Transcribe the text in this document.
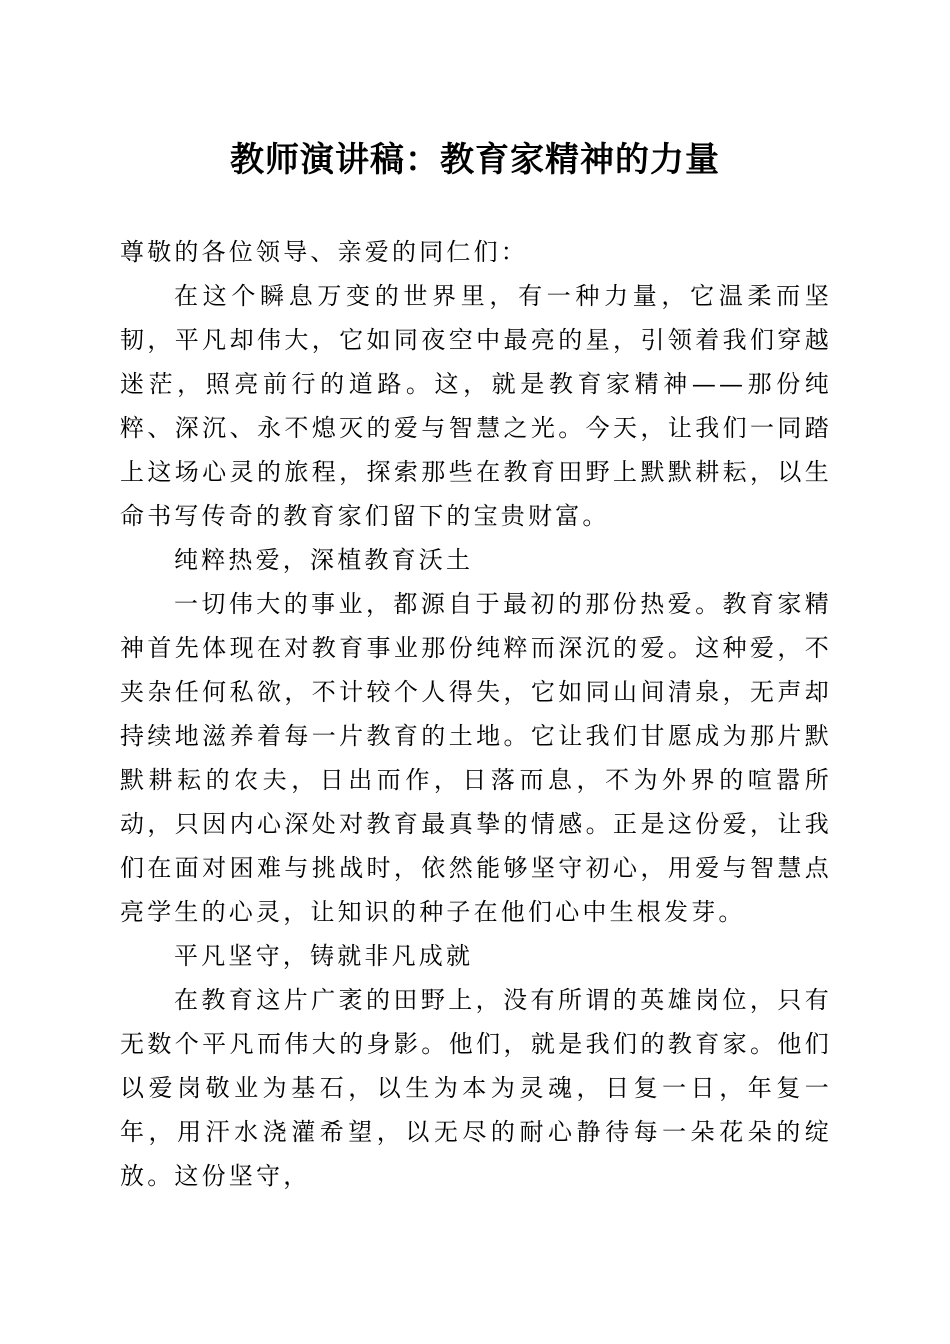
教师演讲稿：教育家精神的力量

尊敬的各位领导、亲爱的同仁们：

在这个瞬息万变的世界里，有一种力量，它温柔而坚韧，平凡却伟大，它如同夜空中最亮的星，引领着我们穿越迷茫，照亮前行的道路。这，就是教育家精神——那份纯粹、深沉、永不熄灭的爱与智慧之光。今天，让我们一同踏上这场心灵的旅程，探索那些在教育田野上默默耕耘，以生命书写传奇的教育家们留下的宝贵财富。

纯粹热爱，深植教育沃土

一切伟大的事业，都源自于最初的那份热爱。教育家精神首先体现在对教育事业那份纯粹而深沉的爱。这种爱，不夹杂任何私欲，不计较个人得失，它如同山间清泉，无声却持续地滋养着每一片教育的土地。它让我们甘愿成为那片默默耕耘的农夫，日出而作，日落而息，不为外界的喧嚣所动，只因内心深处对教育最真挚的情感。正是这份爱，让我们在面对困难与挑战时，依然能够坚守初心，用爱与智慧点亮学生的心灵，让知识的种子在他们心中生根发芽。

平凡坚守，铸就非凡成就

在教育这片广袤的田野上，没有所谓的英雄岗位，只有无数个平凡而伟大的身影。他们，就是我们的教育家。他们以爱岗敬业为基石，以生为本为灵魂，日复一日，年复一年，用汗水浇灌希望，以无尽的耐心静待每一朵花朵的绽放。这份坚守，
